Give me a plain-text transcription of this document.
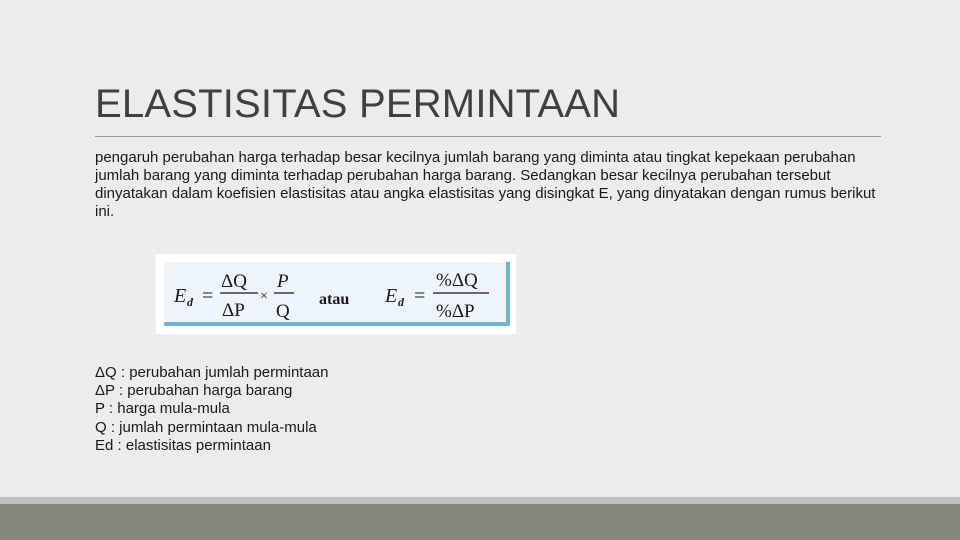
ELASTISITAS PERMINTAAN

pengaruh perubahan harga terhadap besar kecilnya jumlah barang yang diminta atau tingkat kepekaan perubahan jumlah barang yang diminta terhadap perubahan harga barang. Sedangkan besar kecilnya perubahan tersebut dinyatakan dalam koefisien elastisitas atau angka elastisitas yang disingkat E, yang dinyatakan dengan rumus berikut ini.

E d =
ΔQ
ΔP
×
P
Q
atau E d =
%ΔQ
%ΔP
ΔQ : perubahan jumlah permintaan
ΔP : perubahan harga barang
P : harga mula-mula
Q : jumlah permintaan mula-mula
Ed : elastisitas permintaan
